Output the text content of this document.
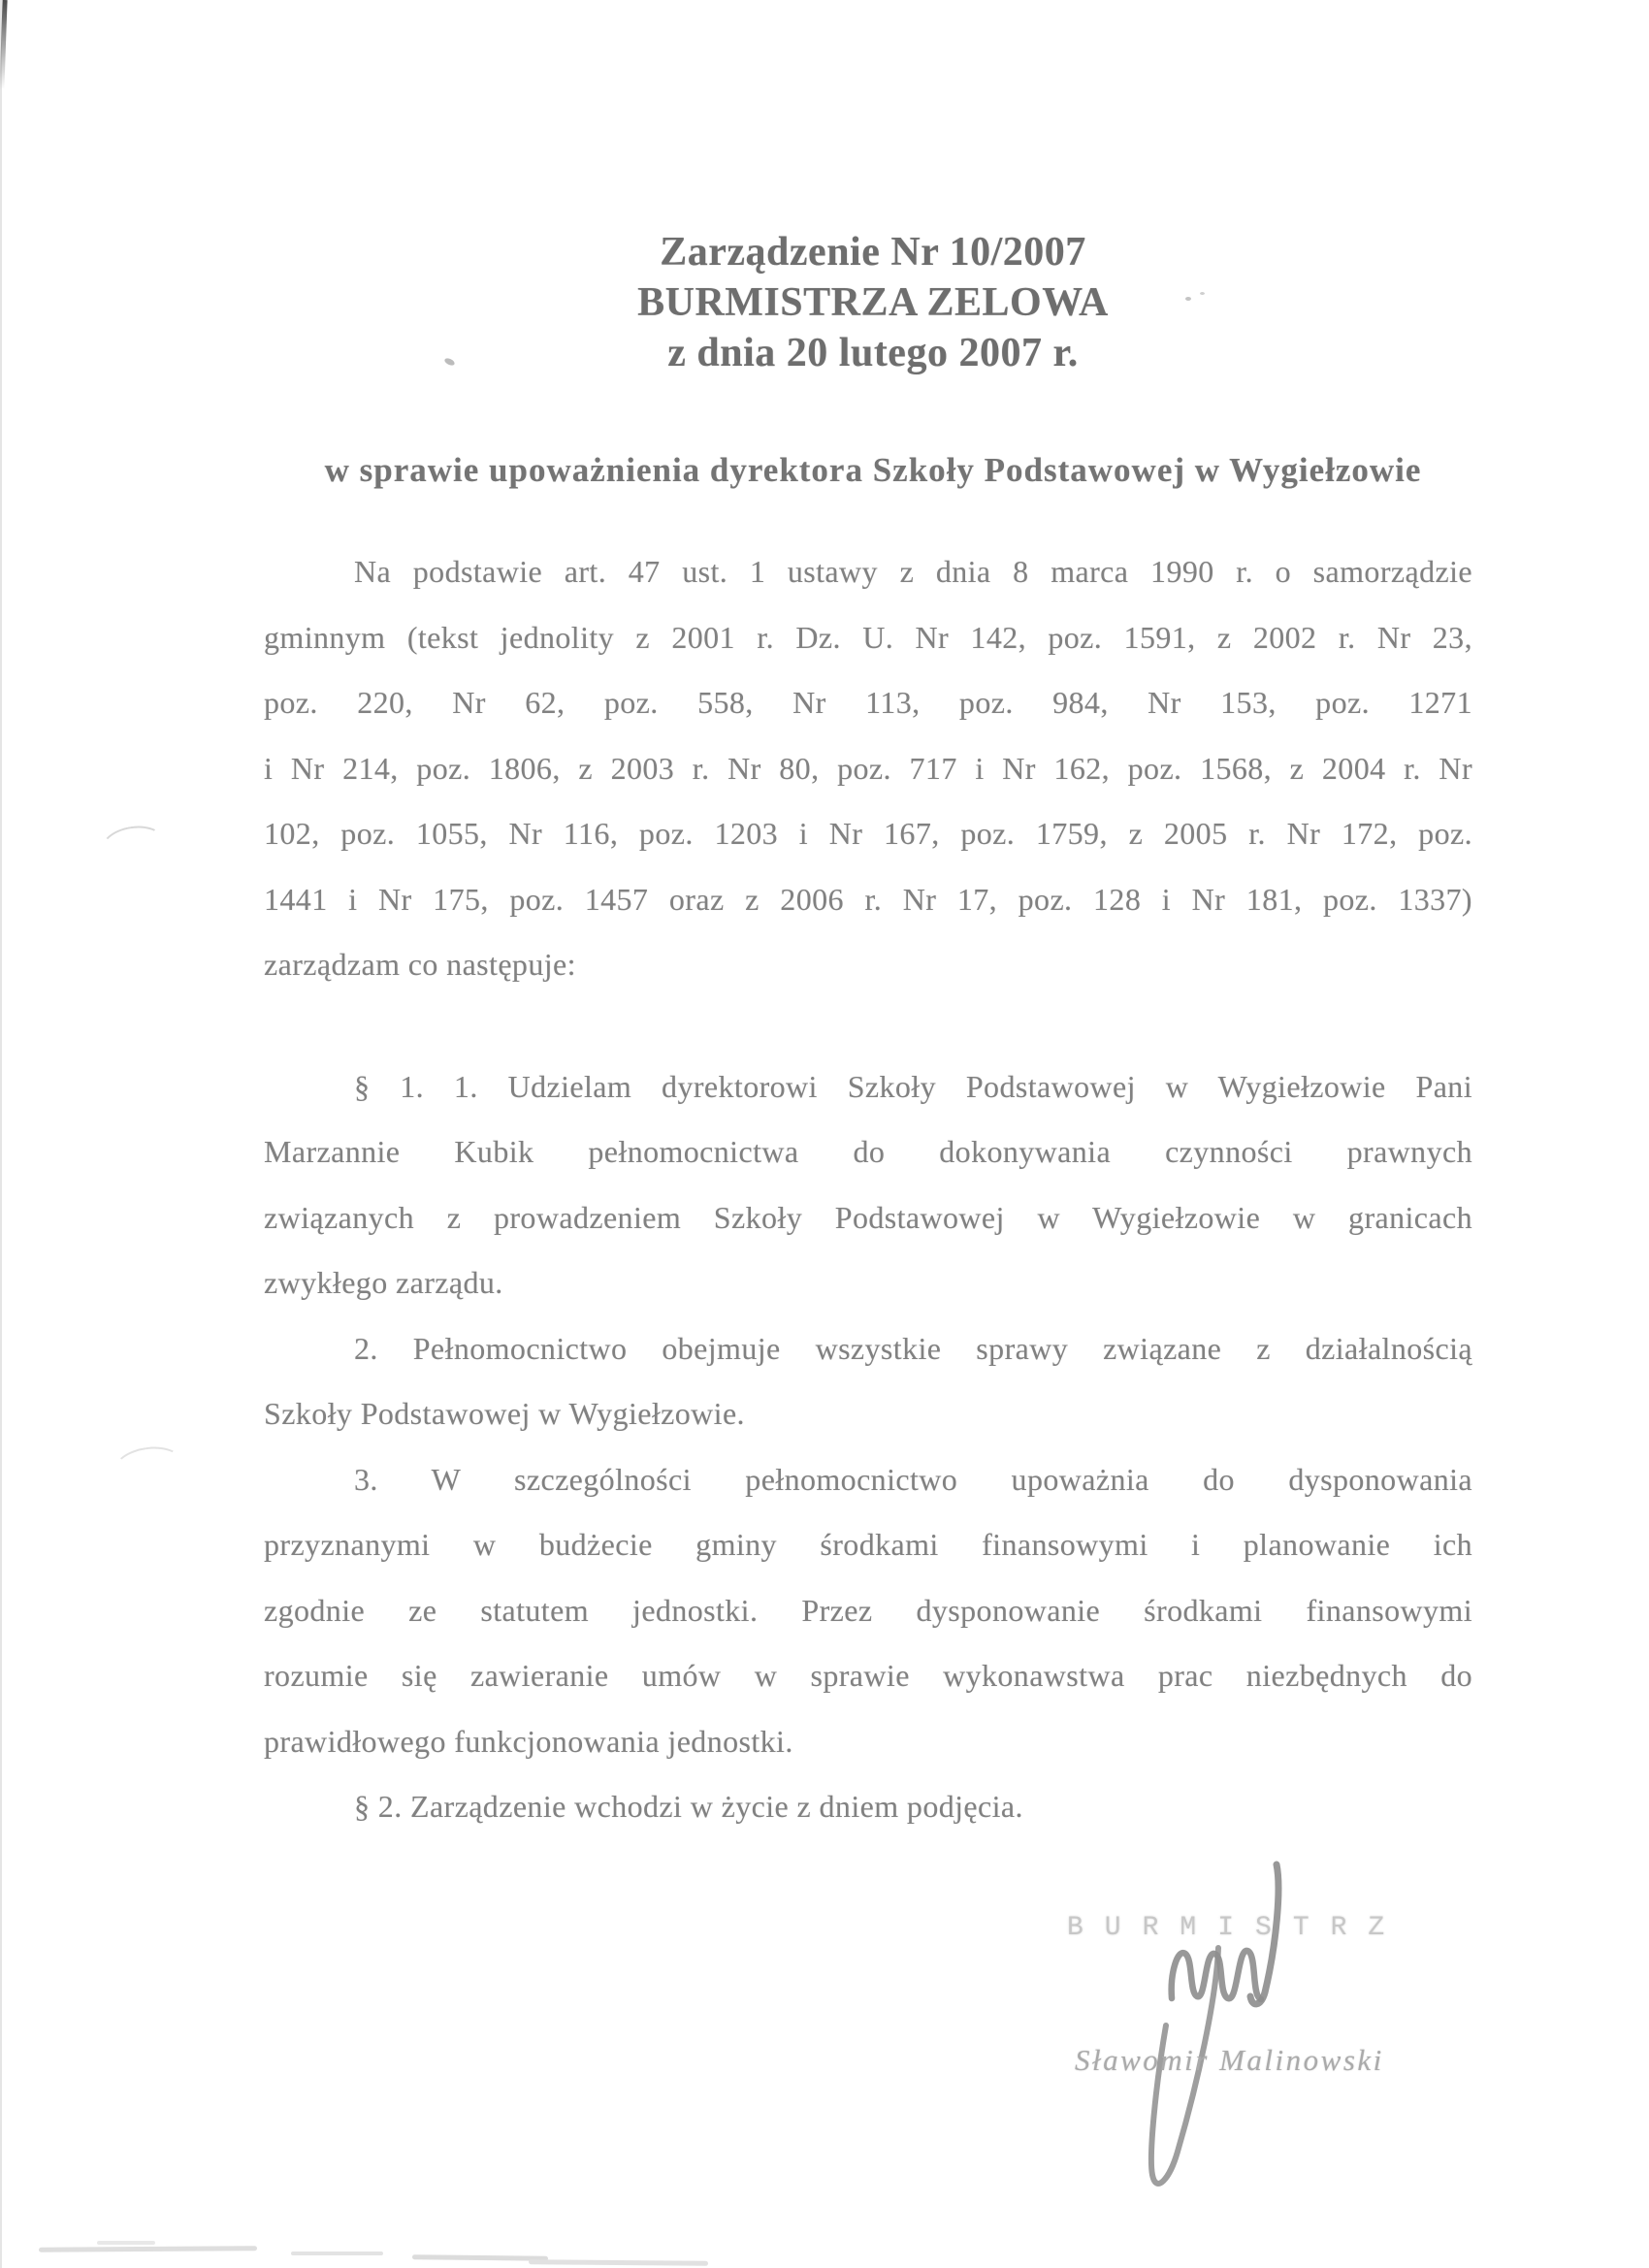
Zarządzenie Nr 10/2007
BURMISTRZA ZELOWA
z dnia 20 lutego 2007 r.
w sprawie upoważnienia dyrektora Szkoły Podstawowej w Wygiełzowie
Na podstawie art. 47 ust. 1 ustawy z dnia 8 marca 1990 r. o samorządzie
gminnym (tekst jednolity z 2001 r. Dz. U. Nr 142, poz. 1591, z 2002 r. Nr 23,
poz. 220, Nr 62, poz. 558, Nr 113, poz. 984, Nr 153, poz. 1271
i Nr 214, poz. 1806, z 2003 r. Nr 80, poz. 717 i Nr 162, poz. 1568, z 2004 r. Nr
102, poz. 1055, Nr 116, poz. 1203 i Nr 167, poz. 1759, z 2005 r. Nr 172, poz.
1441 i Nr 175, poz. 1457 oraz z 2006 r. Nr 17, poz. 128 i Nr 181, poz. 1337)
zarządzam co następuje:
§ 1. 1. Udzielam dyrektorowi Szkoły Podstawowej w Wygiełzowie Pani
Marzannie Kubik pełnomocnictwa do dokonywania czynności prawnych
związanych z prowadzeniem Szkoły Podstawowej w Wygiełzowie w granicach
zwykłego zarządu.
2. Pełnomocnictwo obejmuje wszystkie sprawy związane z działalnością
Szkoły Podstawowej w Wygiełzowie.
3. W szczególności pełnomocnictwo upoważnia do dysponowania
przyznanymi w budżecie gminy środkami finansowymi i planowanie ich
zgodnie ze statutem jednostki. Przez dysponowanie środkami finansowymi
rozumie się zawieranie umów w sprawie wykonawstwa prac niezbędnych do
prawidłowego funkcjonowania jednostki.
§ 2. Zarządzenie wchodzi w życie z dniem podjęcia.
BURMISTRZ
Sławomir Malinowski
